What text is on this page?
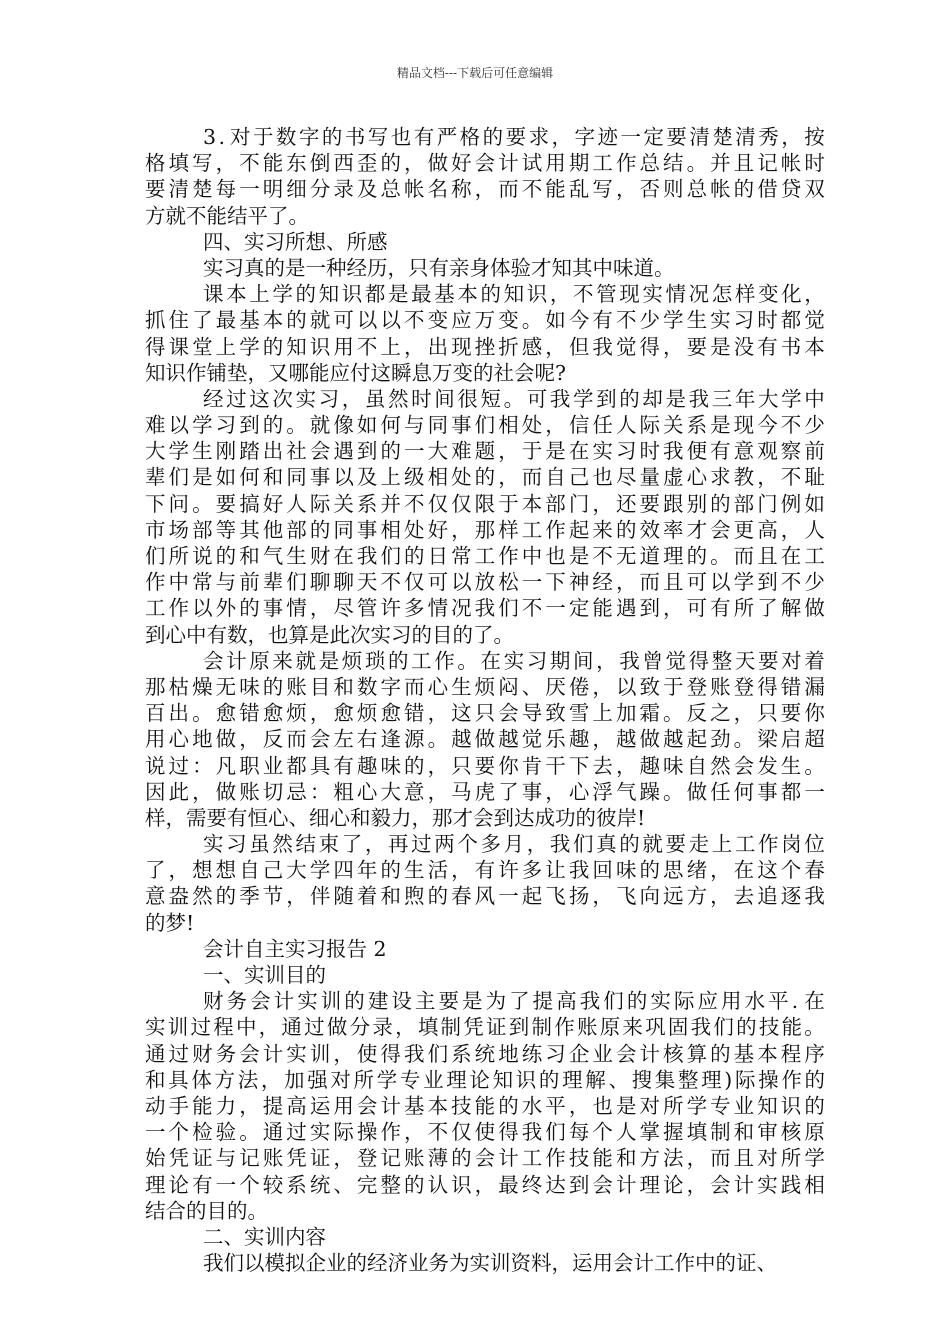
精品文档---下载后可任意编辑
3 . 对 于 数 字 的 书 写 也 有 严 格 的 要 求 ， 字 迹 一 定 要 清 楚 清 秀 ， 按
格 填 写 ， 不 能 东 倒 西 歪 的 ， 做 好 会 计 试 用 期 工 作 总 结 。 并 且 记 帐 时
要 清 楚 每 一 明 细 分 录 及 总 帐 名 称 ， 而 不 能 乱 写 ， 否 则 总 帐 的 借 贷 双
方就不能结平了。
四、实习所想、所感
实习真的是一种经历，只有亲身体验才知其中味道。
课 本 上 学 的 知 识 都 是 最 基 本 的 知 识 ， 不 管 现 实 情 况 怎 样 变 化 ，
抓 住 了 最 基 本 的 就 可 以 以 不 变 应 万 变 。 如 今 有 不 少 学 生 实 习 时 都 觉
得 课 堂 上 学 的 知 识 用 不 上 ， 出 现 挫 折 感 ， 但 我 觉 得 ， 要 是 没 有 书 本
知识作铺垫，又哪能应付这瞬息万变的社会呢?
经 过 这 次 实 习 ， 虽 然 时 间 很 短 。 可 我 学 到 的 却 是 我 三 年 大 学 中
难 以 学 习 到 的 。 就 像 如 何 与 同 事 们 相 处 ， 信 任 人 际 关 系 是 现 今 不 少
大 学 生 刚 踏 出 社 会 遇 到 的 一 大 难 题 ， 于 是 在 实 习 时 我 便 有 意 观 察 前
辈 们 是 如 何 和 同 事 以 及 上 级 相 处 的 ， 而 自 己 也 尽 量 虚 心 求 教 ， 不 耻
下 问 。 要 搞 好 人 际 关 系 并 不 仅 仅 限 于 本 部 门 ， 还 要 跟 别 的 部 门 例 如
市 场 部 等 其 他 部 的 同 事 相 处 好 ， 那 样 工 作 起 来 的 效 率 才 会 更 高 ， 人
们 所 说 的 和 气 生 财 在 我 们 的 日 常 工 作 中 也 是 不 无 道 理 的 。 而 且 在 工
作 中 常 与 前 辈 们 聊 聊 天 不 仅 可 以 放 松 一 下 神 经 ， 而 且 可 以 学 到 不 少
工 作 以 外 的 事 情 ， 尽 管 许 多 情 况 我 们 不 一 定 能 遇 到 ， 可 有 所 了 解 做
到心中有数，也算是此次实习的目的了。
会 计 原 来 就 是 烦 琐 的 工 作 。 在 实 习 期 间 ， 我 曾 觉 得 整 天 要 对 着
那 枯 燥 无 味 的 账 目 和 数 字 而 心 生 烦 闷 、 厌 倦 ， 以 致 于 登 账 登 得 错 漏
百 出 。 愈 错 愈 烦 ， 愈 烦 愈 错 ， 这 只 会 导 致 雪 上 加 霜 。 反 之 ， 只 要 你
用 心 地 做 ， 反 而 会 左 右 逢 源 。 越 做 越 觉 乐 趣 ， 越 做 越 起 劲 。 梁 启 超
说 过 ： 凡 职 业 都 具 有 趣 味 的 ， 只 要 你 肯 干 下 去 ， 趣 味 自 然 会 发 生 。
因 此 ， 做 账 切 忌 ： 粗 心 大 意 ， 马 虎 了 事 ， 心 浮 气 躁 。 做 任 何 事 都 一
样，需要有恒心、细心和毅力，那才会到达成功的彼岸!
实 习 虽 然 结 束 了 ， 再 过 两 个 多 月 ， 我 们 真 的 就 要 走 上 工 作 岗 位
了 ， 想 想 自 己 大 学 四 年 的 生 活 ， 有 许 多 让 我 回 味 的 思 绪 ， 在 这 个 春
意 盎 然 的 季 节 ， 伴 随 着 和 煦 的 春 风 一 起 飞 扬 ， 飞 向 远 方 ， 去 追 逐 我
的梦!
会计自主实习报告 2
一、实训目的
财 务 会 计 实 训 的 建 设 主 要 是 为 了 提 高 我 们 的 实 际 应 用 水 平 . 在
实 训 过 程 中 ， 通 过 做 分 录 ， 填 制 凭 证 到 制 作 账 原 来 巩 固 我 们 的 技 能 。
通 过 财 务 会 计 实 训 ， 使 得 我 们 系 统 地 练 习 企 业 会 计 核 算 的 基 本 程 序
和 具 体 方 法 ， 加 强 对 所 学 专 业 理 论 知 识 的 理 解 、 搜 集 整 理 ) 际 操 作 的
动 手 能 力 ， 提 高 运 用 会 计 基 本 技 能 的 水 平 ， 也 是 对 所 学 专 业 知 识 的
一 个 检 验 。 通 过 实 际 操 作 ， 不 仅 使 得 我 们 每 个 人 掌 握 填 制 和 审 核 原
始 凭 证 与 记 账 凭 证 ， 登 记 账 薄 的 会 计 工 作 技 能 和 方 法 ， 而 且 对 所 学
理 论 有 一 个 较 系 统 、 完 整 的 认 识 ， 最 终 达 到 会 计 理 论 ， 会 计 实 践 相
结合的目的。
二、实训内容
我们以模拟企业的经济业务为实训资料，运用会计工作中的证、
